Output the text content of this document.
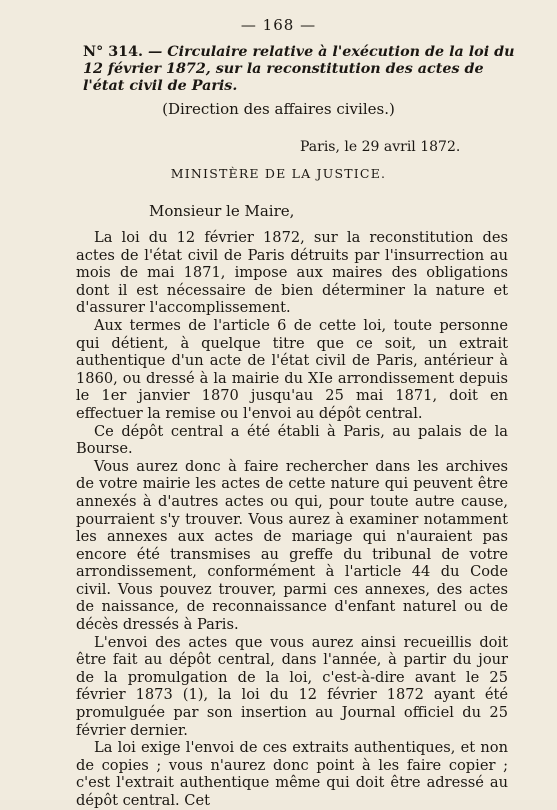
— 168 —
N° 314. — Circulaire relative à l'exécution de la loi du 12 février 1872, sur la reconstitution des actes de l'état civil de Paris.
(Direction des affaires civiles.)
Paris, le 29 avril 1872.
MINISTÈRE DE LA JUSTICE.
Monsieur le Maire,

La loi du 12 février 1872, sur la reconstitution des actes de l'état civil de Paris détruits par l'insurrection au mois de mai 1871, impose aux maires des obligations dont il est nécessaire de bien déterminer la nature et d'assurer l'accomplissement.

Aux termes de l'article 6 de cette loi, toute personne qui détient, à quelque titre que ce soit, un extrait authentique d'un acte de l'état civil de Paris, antérieur à 1860, ou dressé à la mairie du XIe arrondissement depuis le 1er janvier 1870 jusqu'au 25 mai 1871, doit en effectuer la remise ou l'envoi au dépôt central.

Ce dépôt central a été établi à Paris, au palais de la Bourse.

Vous aurez donc à faire rechercher dans les archives de votre mairie les actes de cette nature qui peuvent être annexés à d'autres actes ou qui, pour toute autre cause, pourraient s'y trouver. Vous aurez à examiner notamment les annexes aux actes de mariage qui n'auraient pas encore été transmises au greffe du tribunal de votre arrondissement, conformément à l'article 44 du Code civil. Vous pouvez trouver, parmi ces annexes, des actes de naissance, de reconnaissance d'enfant naturel ou de décès dressés à Paris.

L'envoi des actes que vous aurez ainsi recueillis doit être fait au dépôt central, dans l'année, à partir du jour de la promulgation de la loi, c'est-à-dire avant le 25 février 1873 (1), la loi du 12 février 1872 ayant été promulguée par son insertion au Journal officiel du 25 février dernier.

La loi exige l'envoi de ces extraits authentiques, et non de copies ; vous n'aurez donc point à les faire copier ; c'est l'extrait authentique même qui doit être adressé au dépôt central. Cet
